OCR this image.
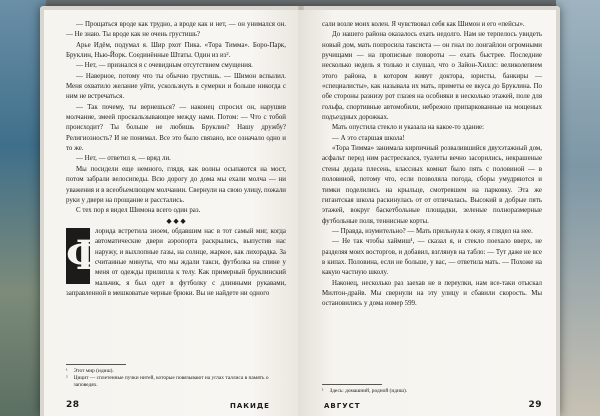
— Прощаться вроде как трудно, а вроде как и нет, — он унимался он. — Не знаю. Ты вроде как не очень грустишь?

Арье Идём, подумал я. Шир рхот Пика. «Тора Тимма». Боро-Парк, Бруклин, Нью-Йорк. Соединённые Штаты. Один из из².

— Нет, — признался я с очевидным отсутствием смущения.

— Наверное, потому что ты обычно грустишь. — Шимон вспылил. Меня охватило желание уйти, ускользнуть в сумерки и больше никогда с ним не встречаться.

— Так почему, ты вернешься? — наконец спросил он, нарушив молчание, змеей проскальзывающее между нами. Потом: — Что с тобой происходит? Ты больше не любишь Бруклин? Нашу дружбу? Религиозность? И не понимал. Все это было связано, все означало одно и то же.

— Нет, — ответил я, — вряд ли.

Мы посидели еще немного, глядя, как волны осыпаются на мост, потом забрали велосипеды. Всю дорогу до дома мы ехали молча — ни уважения и в всеобъемлющем молчании. Свернули на свою улицу, пожали руки у двери на прощание и расстались.

С тех пор я видел Шимона всего один раз.

◆ ◆ ◆

Ф

лорида встретила зноем, обдавшим нас в тот самый миг, когда автоматические двери аэропорта раскрылись, выпустив нас наружу, и выхлопные газы, на солнце, жаркое, как лихорадка. За считанные минуты, что мы ждали такси, футболка на спине у меня от одежды прилипла к телу. Как примерный бруклинский мальчик, я был одет в футболку с длинными рукавами, заправленной в мешковатые черные брюки. Вы не найдете ни одного

¹ Этот мир (идиш).
² Цицит — сплетенные пучки нитей, которые повязывают на углах таллиса в память о заповедях.
28	ПАКИДЕ

сали возле моих колен. Я чувствовал себя как Шимон и его «пейсы».

До нашего района оказалось ехать недолго. Нам не терпелось увидеть новый дом, мать попросила таксиста — он гнал по лонгайлон огромными ручищами — на прописные повороты — ехать быстрее. Последние несколько недель я только и слушал, что о Зайон-Хиллс: великолепием этого района, в котором живут доктора, юристы, банкиры — «специалисты», как называла их мать, приметы ее вкуса до Бруклина. По обе стороны разнизу рот глазея на особняки в несколько этажей, поле для гольфа, спортивные автомобили, небрежно припаркованные на мощеных подъездных дорожках.

Мать опустила стекло и указала на какое-то здание:

— А это старшая школа!

«Тора Тимма» занимала кирпичный розвалившийся двухэтажный дом, асфальт перед ним растрескался, туалеты вечно засорились, некрашеные стены дедала плесень, классных комнат было пять с половиной — в половиной, потому что, если позволяла погода, сборы умудряются и тимки поделились на крыльце, смотревшем на парковку. Эта же гигантская школа раскинулась от от отличалась. Высокий в добрые пять этажей, вокруг баскетбольные площадки, зеленые полноразмерные футбольные поля, теннисные корты.

— Правда, изумительно? — Мать прильнула к окну, я глядел на нее.

— Не так чтобы хаймиш¹, — сказал я, и стекло поехало вверх, не разделяя моих восторгов, и добавил, взглянув на табло: — Тут даже не все в кипах. Половина, если не больше, у вас, — ответила мать. — Похоже на какую частную школу.

Наконец, несколько раз заехав не в переулки, нам все-таки отыскал Милтон-драйв. Мы свернули на эту улицу и сбавили скорость. Мы остановились у дома номер 599.

¹ Здесь: домашний, родной (идиш).
АВГУСТ	29
